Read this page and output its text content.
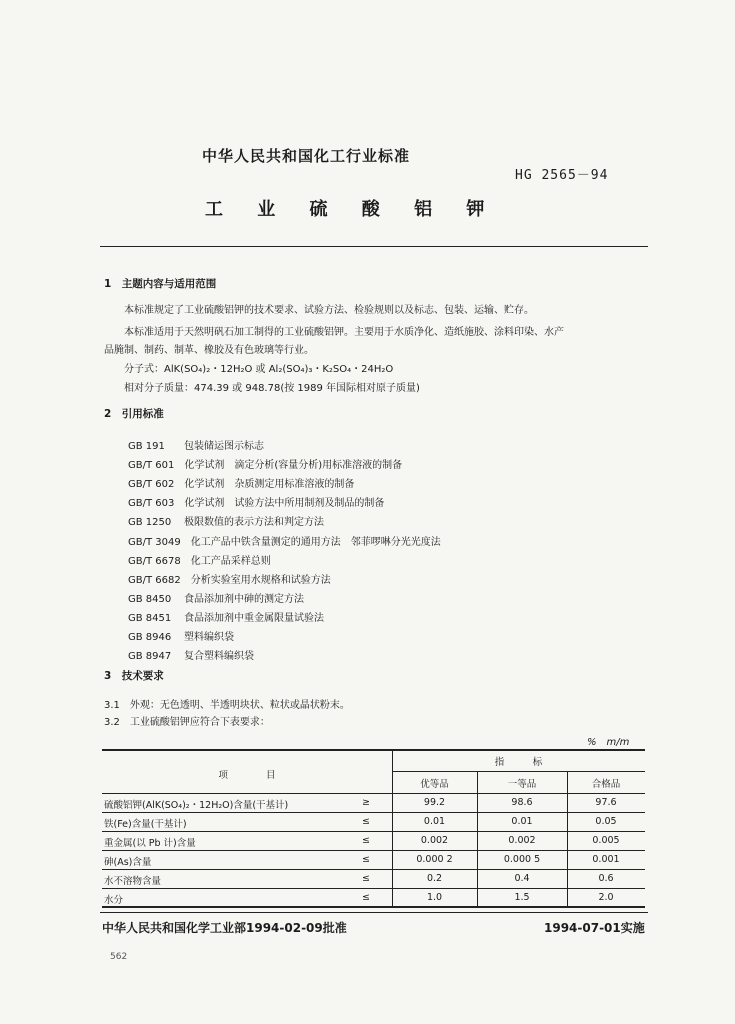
中华人民共和国化工行业标准
HG 2565－94
工 业 硫 酸 铝 钾
1　主题内容与适用范围
本标准规定了工业硫酸铝钾的技术要求、试验方法、检验规则以及标志、包装、运输、贮存。
本标准适用于天然明矾石加工制得的工业硫酸铝钾。主要用于水质净化、造纸施胶、涂料印染、水产
品腌制、制药、制革、橡胶及有色玻璃等行业。
分子式：AlK(SO₄)₂・12H₂O 或 Al₂(SO₄)₃・K₂SO₄・24H₂O
相对分子质量：474.39 或 948.78(按 1989 年国际相对原子质量)
2　引用标准
GB 191　 包装储运图示标志
GB/T 601　 化学试剂　滴定分析(容量分析)用标准溶液的制备
GB/T 602　 化学试剂　杂质测定用标准溶液的制备
GB/T 603　 化学试剂　试验方法中所用制剂及制品的制备
GB 1250　 极限数值的表示方法和判定方法
GB/T 3049　 化工产品中铁含量测定的通用方法　邻菲啰啉分光光度法
GB/T 6678　 化工产品采样总则
GB/T 6682　 分析实验室用水规格和试验方法
GB 8450　 食品添加剂中砷的测定方法
GB 8451　 食品添加剂中重金属限量试验法
GB 8946　 塑料编织袋
GB 8947　 复合塑料编织袋
3　技术要求
3.1　外观：无色透明、半透明块状、粒状或晶状粉末。
3.2　工业硫酸铝钾应符合下表要求：
%　m/m
项　　　　目
指　　　标
优等品	一等品	合格品
硫酸铝钾(AlK(SO₄)₂・12H₂O)含量(干基计)	≥	99.2	98.6	97.6
铁(Fe)含量(干基计)	≤	0.01	0.01	0.05
重金属(以 Pb 计)含量	≤	0.002	0.002	0.005
砷(As)含量	≤	0.000 2	0.000 5	0.001
水不溶物含量	≤	0.2	0.4	0.6
水分	≤	1.0	1.5	2.0
中华人民共和国化学工业部1994-02-09批准	1994-07-01实施
562
